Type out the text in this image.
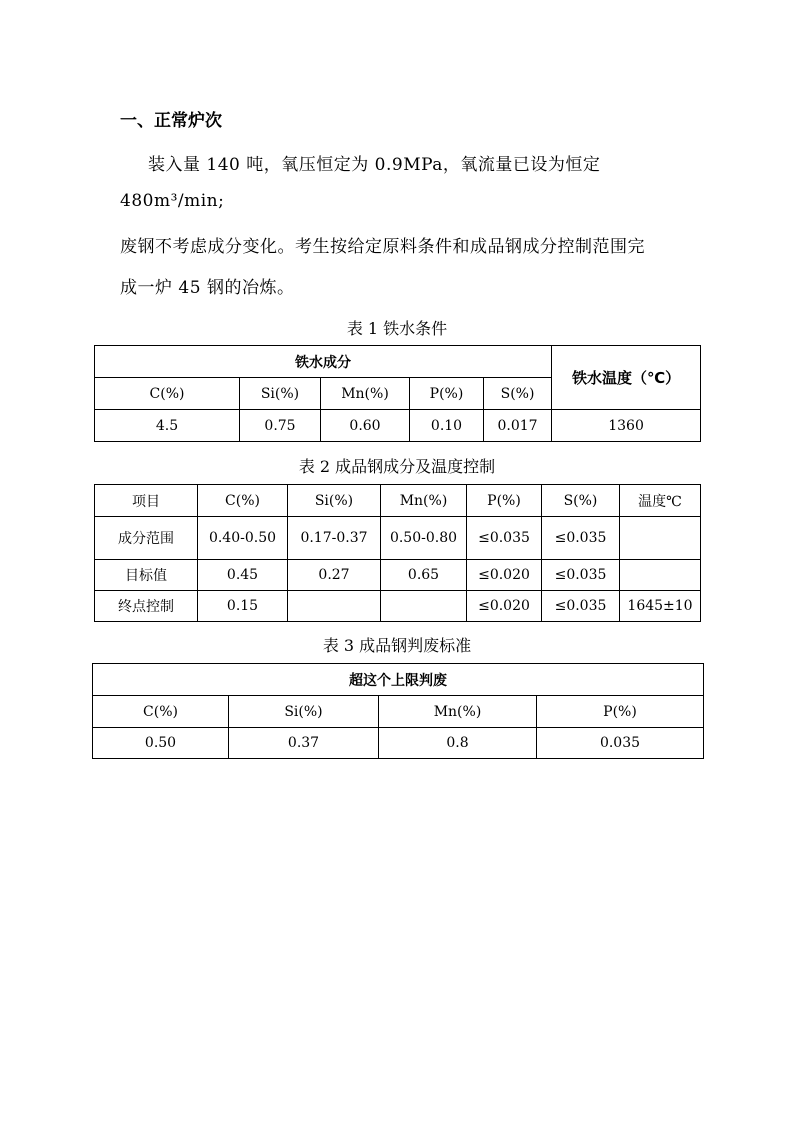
一、正常炉次
装入量 140 吨，氧压恒定为 0.9MPa，氧流量已设为恒定
480m³/min;
废钢不考虑成分变化。考生按给定原料条件和成品钢成分控制范围完
成一炉 45 钢的冶炼。
表 1 铁水条件
铁水成分					铁水温度（℃）
C(%)	Si(%)	Mn(%)	P(%)	S(%)	
4.5	0.75	0.60	0.10	0.017	1360
表 2 成品钢成分及温度控制
项目	C(%)	Si(%)	Mn(%)	P(%)	S(%)	温度℃
成分范围	0.40-0.50	0.17-0.37	0.50-0.80	≤0.035	≤0.035	
目标值	0.45	0.27	0.65	≤0.020	≤0.035	
终点控制	0.15			≤0.020	≤0.035	1645±10
表 3 成品钢判废标准
超这个上限判废			
C(%)	Si(%)	Mn(%)	P(%)
0.50	0.37	0.8	0.035
